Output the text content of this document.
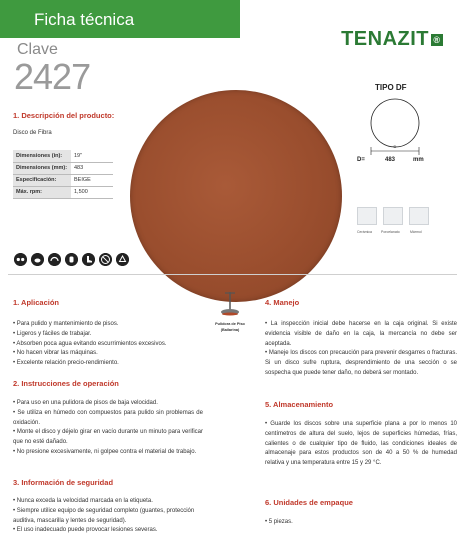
Ficha técnica
TENAZIT ®
Clave
2427
1. Descripción del producto:
Disco de Fibra
Dimensiones (in):	19"
Dimensiones (mm):	483
Especificación:	BEIGE
Máx. rpm:	1,500
TIPO DF
D
D=	483	mm
Cerámica	Porcelanato	Mármol
1. Aplicación
• Para pulido y mantenimiento de pisos.
• Ligeros y fáciles de trabajar.
• Absorben poca agua evitando escurrimientos excesivos.
• No hacen vibrar las máquinas.
• Excelente relación precio-rendimiento.
2. Instrucciones de operación
• Para uso en una pulidora de pisos de baja velocidad.
• Se utiliza en húmedo con compuestos para pulido sin problemas de oxidación.
• Monte el disco y déjelo girar en vacío durante un minuto para verificar que no esté dañado.
• No presione excesivamente, ni golpee contra el material de trabajo.
3. Información de seguridad
• Nunca exceda la velocidad marcada en la etiqueta.
• Siempre utilice equipo de seguridad completo (guantes, protección auditiva, mascarilla y lentes de seguridad).
• El uso inadecuado puede provocar lesiones severas.
Pulidora de Piso
(Bailarina)
4. Manejo
• La inspección inicial debe hacerse en la caja original. Si existe evidencia visible de daño en la caja, la mercancía no debe ser aceptada.
• Maneje los discos con precaución para prevenir desgarres o fracturas. Si un disco sufre ruptura, desprendimiento de una sección o se sospecha que puede tener daño, no deberá ser montado.
5. Almacenamiento
• Guarde los discos sobre una superficie plana a por lo menos 10 centímetros de altura del suelo, lejos de superficies húmedas, frías, calientes o de cualquier tipo de fluido, las condiciones ideales de almacenaje para estos productos son de 40 a 50 % de humedad relativa y una temperatura entre 15 y 29 °C.
6. Unidades de empaque
• 5 piezas.
